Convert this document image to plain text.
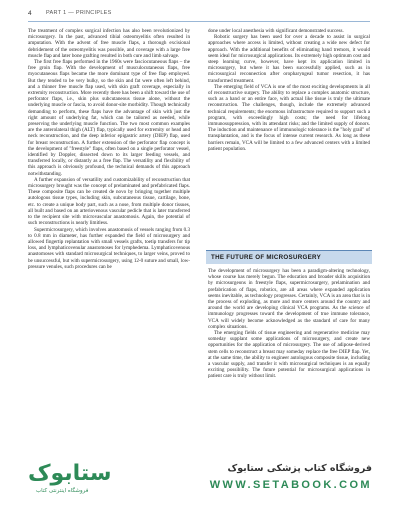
4	PART 1 — PRINCIPLES

The treatment of complex surgical infection has also been revolutionized by microsurgery. In the past, advanced tibial osteomyelitis often resulted in amputation. With the advent of free muscle flaps, a thorough excisional debridement of the osteomyelitis was possible, and coverage with a large free muscle flap and later bone grafting resulted in both cure and limb salvage.

The first free flaps performed in the 1960s were fasciocutaneous flaps – the free groin flap. With the development of musculocutaneous flaps, free myocutaneous flaps became the more dominant type of free flap employed. But they tended to be very bulky, so the skin and fat were often left behind, and a thinner free muscle flap used, with skin graft coverage, especially in extremity reconstruction. More recently there has been a shift toward the use of perforator flaps, i.e., skin plus subcutaneous tissue alone, without the underlying muscle or fascia, to avoid donor-site morbidity. Though technically demanding to perform, these flaps have the advantage of skin with just the right amount of underlying fat, which can be tailored as needed, while preserving the underlying muscle function. The two most common examples are the anterolateral thigh (ALT) flap, typically used for extremity or head and neck reconstruction, and the deep inferior epigastric artery (DIEP) flap, used for breast reconstruction. A further extension of the perforator flap concept is the development of "freestyle" flaps, often based on a single perforator vessel, identified by Doppler, dissected down to its larger feeding vessels, and transferred locally, or distantly as a free flap. The versatility and flexibility of this approach is obviously profound, the technical demands of this approach notwithstanding.

A further expansion of versatility and customizability of reconstruction that microsurgery brought was the concept of prelaminated and prefabricated flaps. These composite flaps can be created de novo by bringing together multiple autologous tissue types, including skin, subcutaneous tissue, cartilage, bone, etc. to create a unique body part, such as a nose, from multiple donor tissues, all built and based on an arteriovenous vascular pedicle that is later transferred to the recipient site with microvascular anastomosis. Again, the potential of such reconstructions is nearly limitless.

Supermicrosurgery, which involves anastomosis of vessels ranging from 0.3 to 0.8 mm in diameter, has further expanded the field of microsurgery and allowed fingertip replantation with small vessels grafts, toetip transfers for tip loss, and lymphaticovenular anastomoses for lymphedema. Lymphaticovenous anastomoses with standard microsurgical techniques, to larger veins, proved to be unsuccessful, but with supermicrosurgery, using 12-0 suture and small, low-pressure venules, such procedures can be

done under local anesthesia with significant demonstrated success.

Robotic surgery has been used for over a decade to assist in surgical approaches where access is limited, without creating a wide new defect for approach. With the additional benefits of eliminating hand tremors, it would seem ideal for microsurgical applications. Its extremely high optimum cost and steep learning curve, however, have kept its application limited in microsurgery, but where it has been successfully applied, such as in microsurgical reconnection after oropharyngeal tumor resection, it has transformed treatment.

The emerging field of VCA is one of the most exciting developments in all of reconstructive surgery. The ability to replace a complex anatomic structure, such as a hand or an entire face, with actual like tissue is truly the ultimate reconstruction. The challenges, though, include the extremely advanced technical requirements; the enormous infrastructure required to support such a program, with exceedingly high costs; the need for lifelong immunosuppression, with its attendant risks; and the limited supply of donors. The induction and maintenance of immunologic tolerance is the "holy grail" of transplantation, and is the focus of intense current research. As long as these barriers remain, VCA will be limited to a few advanced centers with a limited patient population.

THE FUTURE OF MICROSURGERY

The development of microsurgery has been a paradigm-altering technology, whose course has merely begun. The education and broader skills acquisition by microsurgeons in freestyle flaps, supermicrosurgery, prelamination and prefabrication of flaps, robotics, are all areas where expanded application seems inevitable, as technology progresses. Certainly, VCA is an area that is in the process of exploding, as more and more centers around the country and around the world are developing clinical VCA programs. As the science of immunology progresses toward the development of true immune tolerance, VCA will widely become acknowledged as the standard of care for many complex situations.

The emerging fields of tissue engineering and regenerative medicine may someday supplant some applications of microsurgery, and create new opportunities for the application of microsurgery. The use of adipose-derived stem cells to reconstruct a breast may someday replace the free DIEP flap. Yet, at the same time, the ability to engineer autologous composite tissue, including a vascular supply, and transfer it with microsurgical techniques is an equally exciting possibility. The future potential for microsurgical applications in patient care is truly without limit.

ستابوک
فروشگاه اینترنتی کتاب
فروشگاه کتاب پزشکی ستابوک
WWW.SETABOOK.COM
